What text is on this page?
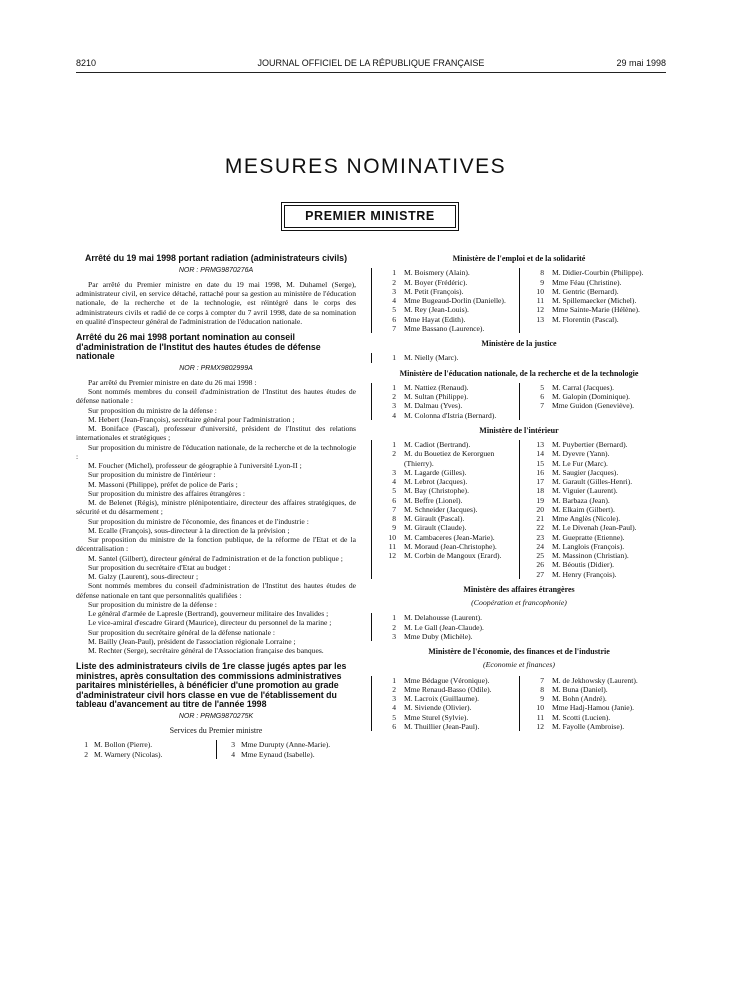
8210	JOURNAL OFFICIEL DE LA RÉPUBLIQUE FRANÇAISE	29 mai 1998
MESURES NOMINATIVES
PREMIER MINISTRE

Arrêté du 19 mai 1998 portant radiation (administrateurs civils)

NOR : PRMG9870276A

Par arrêté du Premier ministre en date du 19 mai 1998, M. Duhamel (Serge), administrateur civil, en service détaché, rattaché pour sa gestion au ministère de l'éducation nationale, de la recherche et de la technologie, est réintégré dans le corps des administrateurs civils et radié de ce corps à compter du 7 avril 1998, date de sa nomination en qualité d'inspecteur général de l'administration de l'éducation nationale.

Arrêté du 26 mai 1998 portant nomination au conseil d'administration de l'Institut des hautes études de défense nationale

NOR : PRMX9802999A

Par arrêté du Premier ministre en date du 26 mai 1998 :

Sont nommés membres du conseil d'administration de l'Institut des hautes études de défense nationale :

Sur proposition du ministre de la défense :

M. Hebert (Jean-François), secrétaire général pour l'administration ;

M. Boniface (Pascal), professeur d'université, président de l'Institut des relations internationales et stratégiques ;

Sur proposition du ministre de l'éducation nationale, de la recherche et de la technologie :

M. Foucher (Michel), professeur de géographie à l'université Lyon-II ;

Sur proposition du ministre de l'intérieur :

M. Massoni (Philippe), préfet de police de Paris ;

Sur proposition du ministre des affaires étrangères :

M. de Belenet (Régis), ministre plénipotentiaire, directeur des affaires stratégiques, de sécurité et du désarmement ;

Sur proposition du ministre de l'économie, des finances et de l'industrie :

M. Ecalle (François), sous-directeur à la direction de la prévision ;

Sur proposition du ministre de la fonction publique, de la réforme de l'Etat et de la décentralisation :

M. Santel (Gilbert), directeur général de l'administration et de la fonction publique ;

Sur proposition du secrétaire d'Etat au budget :

M. Galzy (Laurent), sous-directeur ;

Sont nommés membres du conseil d'administration de l'Institut des hautes études de défense nationale en tant que personnalités qualifiées :

Sur proposition du ministre de la défense :

Le général d'armée de Lapresle (Bertrand), gouverneur militaire des Invalides ;

Le vice-amiral d'escadre Girard (Maurice), directeur du personnel de la marine ;

Sur proposition du secrétaire général de la défense nationale :

M. Bailly (Jean-Paul), président de l'association régionale Lorraine ;

M. Rechter (Serge), secrétaire général de l'Association française des banques.

Liste des administrateurs civils de 1re classe jugés aptes par les ministres, après consultation des commissions administratives paritaires ministérielles, à bénéficier d'une promotion au grade d'administrateur civil hors classe en vue de l'établissement du tableau d'avancement au titre de l'année 1998

NOR : PRMG9870275K

Services du Premier ministre

1 M. Bollon (Pierre).
2 M. Warnery (Nicolas).
3 Mme Durupty (Anne-Marie).
4 Mme Eynaud (Isabelle).

Ministère de l'emploi et de la solidarité

1 M. Boismery (Alain).
2 M. Boyer (Frédéric).
3 M. Petit (François).
4 Mme Bugeaud-Dorlin (Danielle).
5 M. Rey (Jean-Louis).
6 Mme Hayat (Edith).
7 Mme Bassano (Laurence).
8 M. Didier-Courbin (Philippe).
9 Mme Féau (Christine).
10 M. Gentric (Bernard).
11 M. Spillemaecker (Michel).
12 Mme Sainte-Marie (Hélène).
13 M. Florentin (Pascal).

Ministère de la justice

1 M. Nielly (Marc).

Ministère de l'éducation nationale, de la recherche et de la technologie

1 M. Nattiez (Renaud).
2 M. Sultan (Philippe).
3 M. Dalmau (Yves).
4 M. Colonna d'Istria (Bernard).
5 M. Carral (Jacques).
6 M. Galopin (Dominique).
7 Mme Guidon (Geneviève).

Ministère de l'intérieur

1 M. Cadiot (Bertrand).
2 M. du Bouetiez de Kerorguen (Thierry).
3 M. Lagarde (Gilles).
4 M. Lebrot (Jacques).
5 M. Bay (Christophe).
6 M. Beffre (Lionel).
7 M. Schneider (Jacques).
8 M. Girault (Pascal).
9 M. Girault (Claude).
10 M. Cambaceres (Jean-Marie).
11 M. Moraud (Jean-Christophe).
12 M. Corbin de Mangoux (Erard).
13 M. Puybertier (Bernard).
14 M. Dyevre (Yann).
15 M. Le Fur (Marc).
16 M. Saugier (Jacques).
17 M. Garault (Gilles-Henri).
18 M. Viguier (Laurent).
19 M. Barbaza (Jean).
20 M. Elkaim (Gilbert).
21 Mme Anglès (Nicole).
22 M. Le Divenah (Jean-Paul).
23 M. Guepratte (Etienne).
24 M. Langlois (François).
25 M. Massinon (Christian).
26 M. Béoutis (Didier).
27 M. Henry (François).

Ministère des affaires étrangères

(Coopération et francophonie)

1 M. Delahousse (Laurent).
2 M. Le Gall (Jean-Claude).
3 Mme Duby (Michèle).

Ministère de l'économie, des finances et de l'industrie

(Economie et finances)

1 Mme Bédague (Véronique).
2 Mme Renaud-Basso (Odile).
3 M. Lacroix (Guillaume).
4 M. Siviende (Olivier).
5 Mme Sturel (Sylvie).
6 M. Thuillier (Jean-Paul).
7 M. de Jekhowsky (Laurent).
8 M. Buna (Daniel).
9 M. Bohn (André).
10 Mme Hadj-Hamou (Janie).
11 M. Scotti (Lucien).
12 M. Fayolle (Ambroise).
